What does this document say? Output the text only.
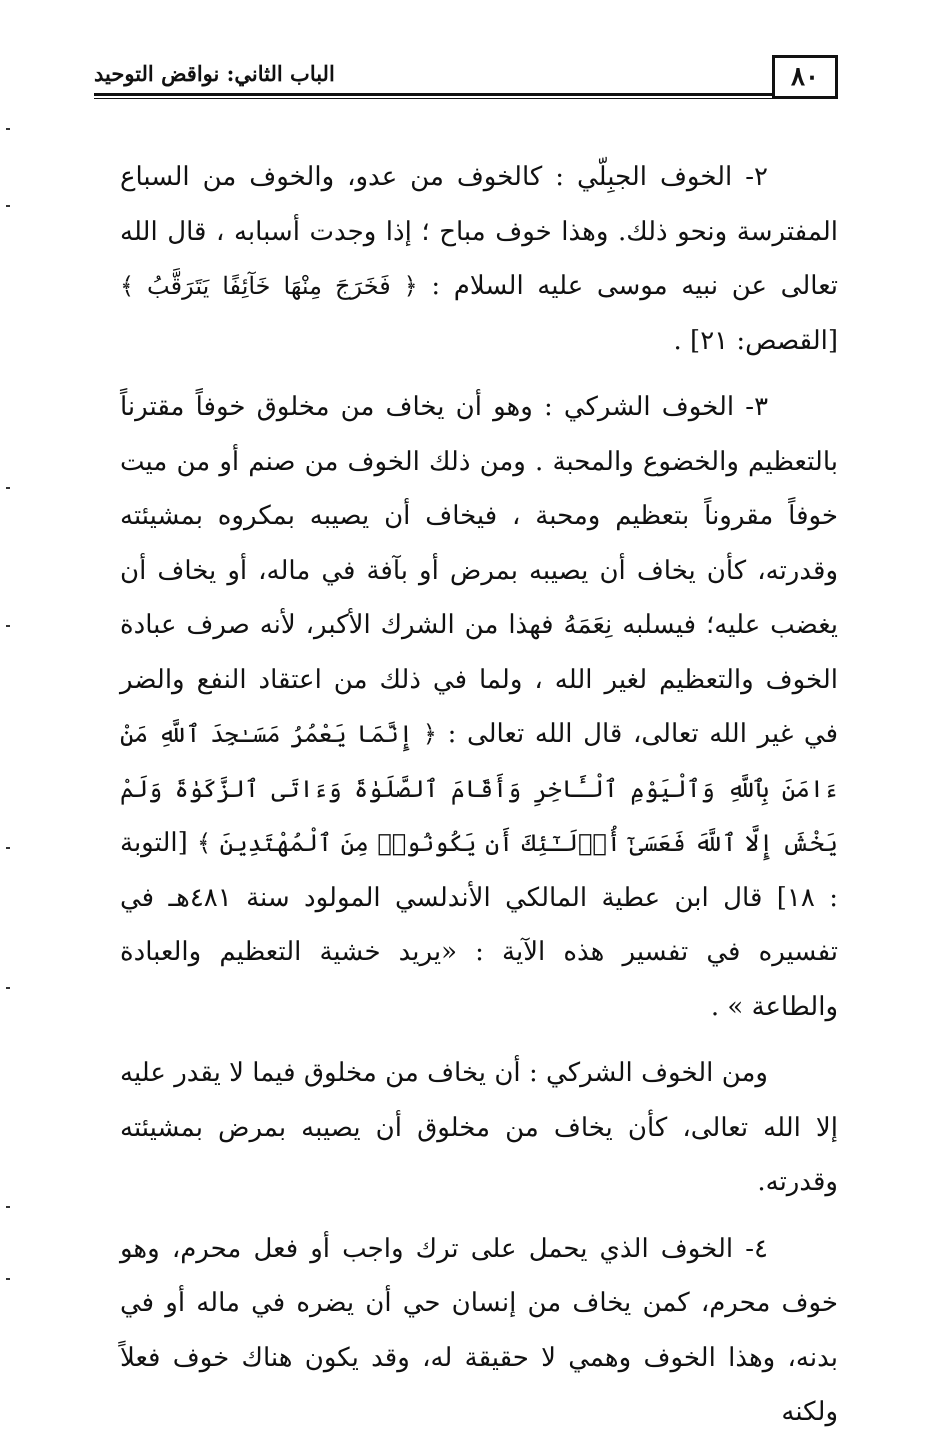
٨٠
الباب الثاني: نواقض التوحيد

٢- الخوف الجبِلّي : كالخوف من عدو، والخوف من السباع المفترسة ونحو ذلك. وهذا خوف مباح ؛ إذا وجدت أسبابه ، قال الله تعالى عن نبيه موسى عليه السلام : ﴿ فَخَرَجَ مِنْهَا خَآئِفًا يَتَرَقَّبُ ﴾ [القصص: ٢١] .

٣- الخوف الشركي : وهو أن يخاف من مخلوق خوفاً مقترناً بالتعظيم والخضوع والمحبة . ومن ذلك الخوف من صنم أو من ميت خوفاً مقروناً بتعظيم ومحبة ، فيخاف أن يصيبه بمكروه بمشيئته وقدرته، كأن يخاف أن يصيبه بمرض أو بآفة في ماله، أو يخاف أن يغضب عليه؛ فيسلبه نِعَمَهُ فهذا من الشرك الأكبر، لأنه صرف عبادة الخوف والتعظيم لغير الله ، ولما في ذلك من اعتقاد النفع والضر في غير الله تعالى، قال الله تعالى : ﴿ إِنَّمَا يَعْمُرُ مَسَـٰجِدَ ٱللَّهِ مَنْ ءَامَنَ بِٱللَّهِ وَٱلْيَوْمِ ٱلْـَٔاخِرِ وَأَقَامَ ٱلصَّلَوٰةَ وَءَاتَى ٱلزَّكَوٰةَ وَلَمْ يَخْشَ إِلَّا ٱللَّهَ فَعَسَىٰٓ أُو۟لَـٰٓئِكَ أَن يَكُونُوا۟ مِنَ ٱلْمُهْتَدِينَ ﴾ [التوبة : ١٨] قال ابن عطية المالكي الأندلسي المولود سنة ٤٨١هـ في تفسيره في تفسير هذه الآية : «يريد خشية التعظيم والعبادة والطاعة » .

ومن الخوف الشركي : أن يخاف من مخلوق فيما لا يقدر عليه إلا الله تعالى، كأن يخاف من مخلوق أن يصيبه بمرض بمشيئته وقدرته.

٤- الخوف الذي يحمل على ترك واجب أو فعل محرم، وهو خوف محرم، كمن يخاف من إنسان حي أن يضره في ماله أو في بدنه، وهذا الخوف وهمي لا حقيقة له، وقد يكون هناك خوف فعلاً ولكنه
